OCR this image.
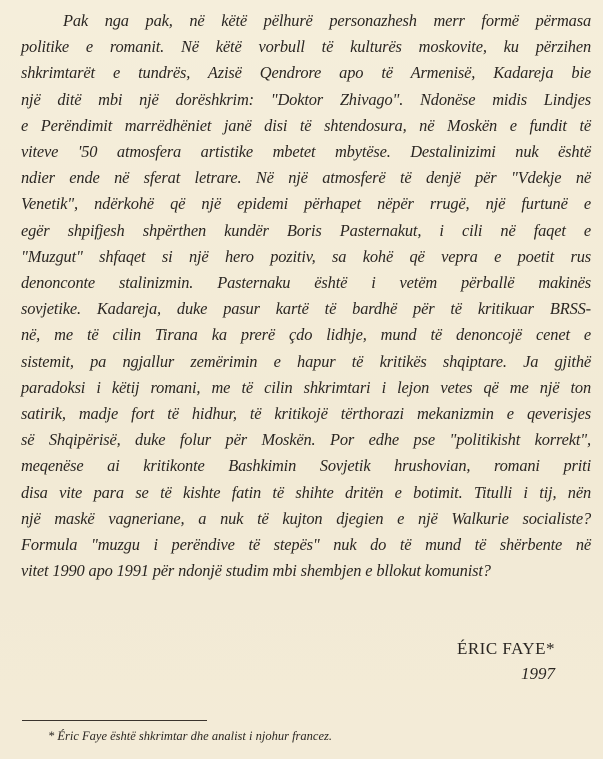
Pak nga pak, në këtë pëlhurë personazhesh merr formë përmasa
politike e romanit. Në këtë vorbull të kulturës moskovite, ku përzihen
shkrimtarët e tundrës, Azisë Qendrore apo të Armenisë, Kadareja bie
një ditë mbi një dorëshkrim: "Doktor Zhivago". Ndonëse midis Lindjes
e Perëndimit marrëdhëniet janë disi të shtendosura, në Moskën e fundit të
viteve '50 atmosfera artistike mbetet mbytëse. Destalinizimi nuk është
ndier ende në sferat letrare. Në një atmosferë të denjë për "Vdekje në
Venetik", ndërkohë që një epidemi përhapet nëpër rrugë, një furtunë e
egër shpifjesh shpërthen kundër Boris Pasternakut, i cili në faqet e
"Muzgut" shfaqet si një hero pozitiv, sa kohë që vepra e poetit rus
denonconte stalinizmin. Pasternaku është i vetëm përballë makinës
sovjetike. Kadareja, duke pasur kartë të bardhë për të kritikuar BRSS-
në, me të cilin Tirana ka prerë çdo lidhje, mund të denoncojë cenet e
sistemit, pa ngjallur zemërimin e hapur të kritikës shqiptare. Ja gjithë
paradoksi i këtij romani, me të cilin shkrimtari i lejon vetes që me një ton
satirik, madje fort të hidhur, të kritikojë tërthorazi mekanizmin e qeverisjes
së Shqipërisë, duke folur për Moskën. Por edhe pse "politikisht korrekt",
meqenëse ai kritikonte Bashkimin Sovjetik hrushovian, romani priti
disa vite para se të kishte fatin të shihte dritën e botimit. Titulli i tij, nën
një maskë vagneriane, a nuk të kujton djegien e një Walkurie socialiste?
Formula "muzgu i perëndive të stepës" nuk do të mund të shërbente në
vitet 1990 apo 1991 për ndonjë studim mbi shembjen e bllokut komunist?
ÉRIC FAYE*
1997
* Éric Faye është shkrimtar dhe analist i njohur francez.
